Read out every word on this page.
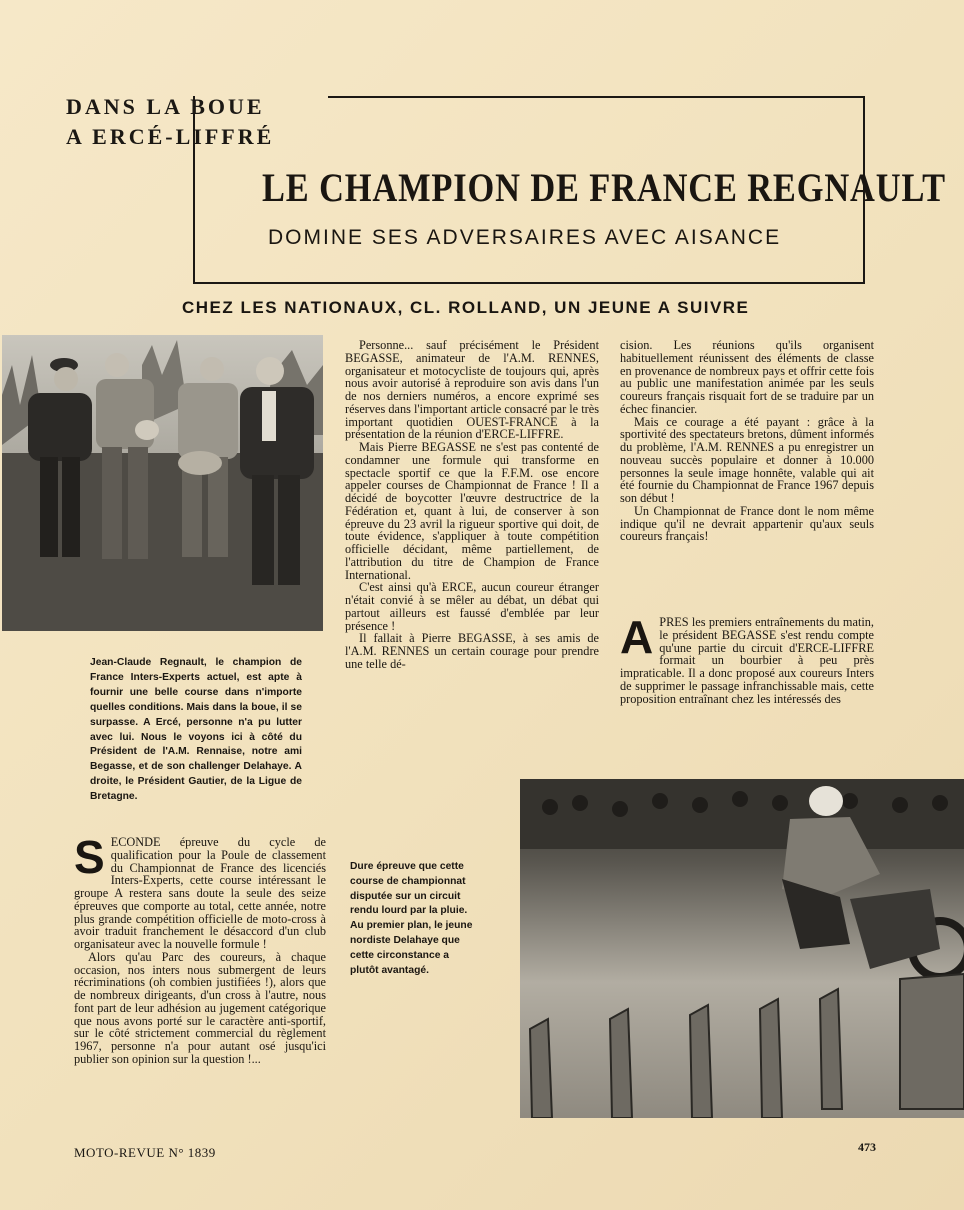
DANS LA BOUE
A ERCÉ-LIFFRÉ
LE CHAMPION DE FRANCE REGNAULT
DOMINE SES ADVERSAIRES AVEC AISANCE
CHEZ LES NATIONAUX, CL. ROLLAND, UN JEUNE A SUIVRE
Jean-Claude Regnault, le champion de France Inters-Experts actuel, est apte à fournir une belle course dans n'importe quelles conditions. Mais dans la boue, il se surpasse. A Ercé, personne n'a pu lutter avec lui. Nous le voyons ici à côté du Président de l'A.M. Rennaise, notre ami Begasse, et de son challenger Delahaye. A droite, le Président Gautier, de la Ligue de Bretagne.
S ECONDE épreuve du cycle de qualification pour la Poule de classement du Championnat de France des licenciés Inters-Experts, cette course intéressant le groupe A restera sans doute la seule des seize épreuves que comporte au total, cette année, notre plus grande compétition officielle de moto-cross à avoir traduit franchement le désaccord d'un club organisateur avec la nouvelle formule !

Alors qu'au Parc des coureurs, à chaque occasion, nos inters nous submergent de leurs récriminations (oh combien justifiées !), alors que de nombreux dirigeants, d'un cross à l'autre, nous font part de leur adhésion au jugement catégorique que nous avons porté sur le caractère anti-sportif, sur le côté strictement commercial du règlement 1967, personne n'a pour autant osé jusqu'ici publier son opinion sur la question !...

Personne... sauf précisément le Président BEGASSE, animateur de l'A.M. RENNES, organisateur et motocycliste de toujours qui, après nous avoir autorisé à reproduire son avis dans l'un de nos derniers numéros, a encore exprimé ses réserves dans l'important article consacré par le très important quotidien OUEST-FRANCE à la présentation de la réunion d'ERCE-LIFFRE.

Mais Pierre BEGASSE ne s'est pas contenté de condamner une formule qui transforme en spectacle sportif ce que la F.F.M. ose encore appeler courses de Championnat de France ! Il a décidé de boycotter l'œuvre destructrice de la Fédération et, quant à lui, de conserver à son épreuve du 23 avril la rigueur sportive qui doit, de toute évidence, s'appliquer à toute compétition officielle décidant, même partiellement, de l'attribution du titre de Champion de France International.

C'est ainsi qu'à ERCE, aucun coureur étranger n'était convié à se mêler au débat, un débat qui partout ailleurs est faussé d'emblée par leur présence !

Il fallait à Pierre BEGASSE, à ses amis de l'A.M. RENNES un certain courage pour prendre une telle dé-

cision. Les réunions qu'ils organisent habituellement réunissent des éléments de classe en provenance de nombreux pays et offrir cette fois au public une manifestation animée par les seuls coureurs français risquait fort de se traduire par un échec financier.

Mais ce courage a été payant : grâce à la sportivité des spectateurs bretons, dûment informés du problème, l'A.M. RENNES a pu enregistrer un nouveau succès populaire et donner à 10.000 personnes la seule image honnête, valable qui ait été fournie du Championnat de France 1967 depuis son début !

Un Championnat de France dont le nom même indique qu'il ne devrait appartenir qu'aux seuls coureurs français!

A PRES les premiers entraînements du matin, le président BEGASSE s'est rendu compte qu'une partie du circuit d'ERCE-LIFFRE formait un bourbier à peu près impraticable. Il a donc proposé aux coureurs Inters de supprimer le passage infranchissable mais, cette proposition entraînant chez les intéressés des

Dure épreuve que cette course de championnat disputée sur un circuit rendu lourd par la pluie. Au premier plan, le jeune nordiste Delahaye que cette circonstance a plutôt avantagé.
MOTO-REVUE N° 1839	473
